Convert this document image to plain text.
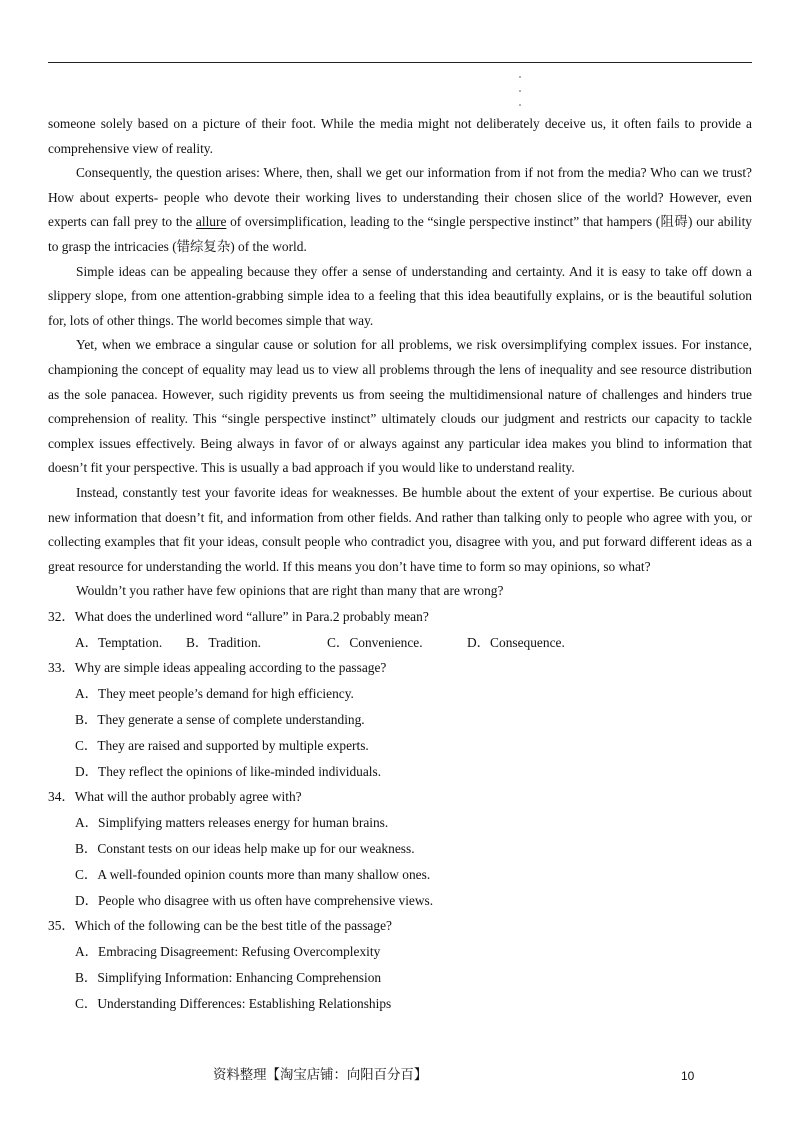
someone solely based on a picture of their foot. While the media might not deliberately deceive us, it often fails to provide a comprehensive view of reality.

Consequently, the question arises: Where, then, shall we get our information from if not from the media? Who can we trust? How about experts- people who devote their working lives to understanding their chosen slice of the world? However, even experts can fall prey to the allure of oversimplification, leading to the “single perspective instinct” that hampers (阻碍) our ability to grasp the intricacies (错综复杂) of the world.

Simple ideas can be appealing because they offer a sense of understanding and certainty. And it is easy to take off down a slippery slope, from one attention-grabbing simple idea to a feeling that this idea beautifully explains, or is the beautiful solution for, lots of other things. The world becomes simple that way.

Yet, when we embrace a singular cause or solution for all problems, we risk oversimplifying complex issues. For instance, championing the concept of equality may lead us to view all problems through the lens of inequality and see resource distribution as the sole panacea. However, such rigidity prevents us from seeing the multidimensional nature of challenges and hinders true comprehension of reality. This “single perspective instinct” ultimately clouds our judgment and restricts our capacity to tackle complex issues effectively. Being always in favor of or always against any particular idea makes you blind to information that doesn’t fit your perspective. This is usually a bad approach if you would like to understand reality.

Instead, constantly test your favorite ideas for weaknesses. Be humble about the extent of your expertise. Be curious about new information that doesn’t fit, and information from other fields. And rather than talking only to people who agree with you, or collecting examples that fit your ideas, consult people who contradict you, disagree with you, and put forward different ideas as a great resource for understanding the world. If this means you don’t have time to form so may opinions, so what?

Wouldn’t you rather have few opinions that are right than many that are wrong?

32．What does the underlined word “allure” in Para.2 probably mean?

A．Temptation.	B．Tradition.	C．Convenience.	D．Consequence.

33．Why are simple ideas appealing according to the passage?

A．They meet people’s demand for high efficiency.

B．They generate a sense of complete understanding.

C．They are raised and supported by multiple experts.

D．They reflect the opinions of like-minded individuals.

34．What will the author probably agree with?

A．Simplifying matters releases energy for human brains.

B．Constant tests on our ideas help make up for our weakness.

C．A well-founded opinion counts more than many shallow ones.

D．People who disagree with us often have comprehensive views.

35．Which of the following can be the best title of the passage?

A．Embracing Disagreement: Refusing Overcomplexity

B．Simplifying Information: Enhancing Comprehension

C．Understanding Differences: Establishing Relationships

资料整理【淘宝店铺：向阳百分百】	10
